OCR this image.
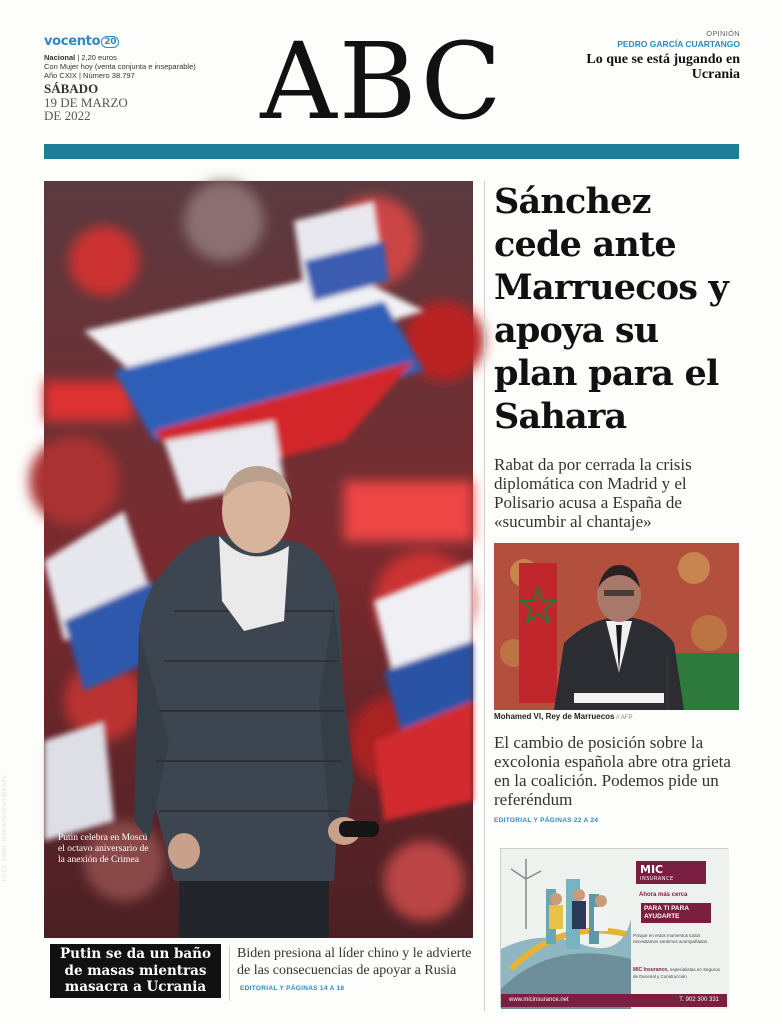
vocento 20
Nacional | 2,20 euros
Con Mujer hoy (venta conjunta e inseparable)
Año CXIX | Número 38.797
SÁBADO
19 DE MARZO
DE 2022	ABC	OPINIÓN
PEDRO GARCÍA CUARTANGO
Lo que se está jugando en Ucrania
Putin celebra en Moscú el octavo aniversario de la anexión de Crimea
FOTO: RAMIL SITDIKOV/SPUTNIK/EFE
Sánchez cede ante Marruecos y apoya su plan para el Sahara

Rabat da por cerrada la crisis diplomática con Madrid y el Polisario acusa a España de «sucumbir al chantaje»

Mohamed VI, Rey de Marruecos // AFP

El cambio de posición sobre la excolonia española abre otra grieta en la coalición. Podemos pide un referéndum

EDITORIAL Y PÁGINAS 22 A 24
MIC
INSURANCE
Ahora más cerca
PARA TI PARA AYUDARTE
Porque en estos momentos todos necesitamos sentirnos acompañados
MIC Insurance, especialistas en Seguros de Decenal y Construcción
www.micinsurance.net	T. 902 300 331
Putin se da un baño de masas mientras masacra a Ucrania
Biden presiona al líder chino y le advierte de las consecuencias de apoyar a Rusia EDITORIAL Y PÁGINAS 14 A 18
